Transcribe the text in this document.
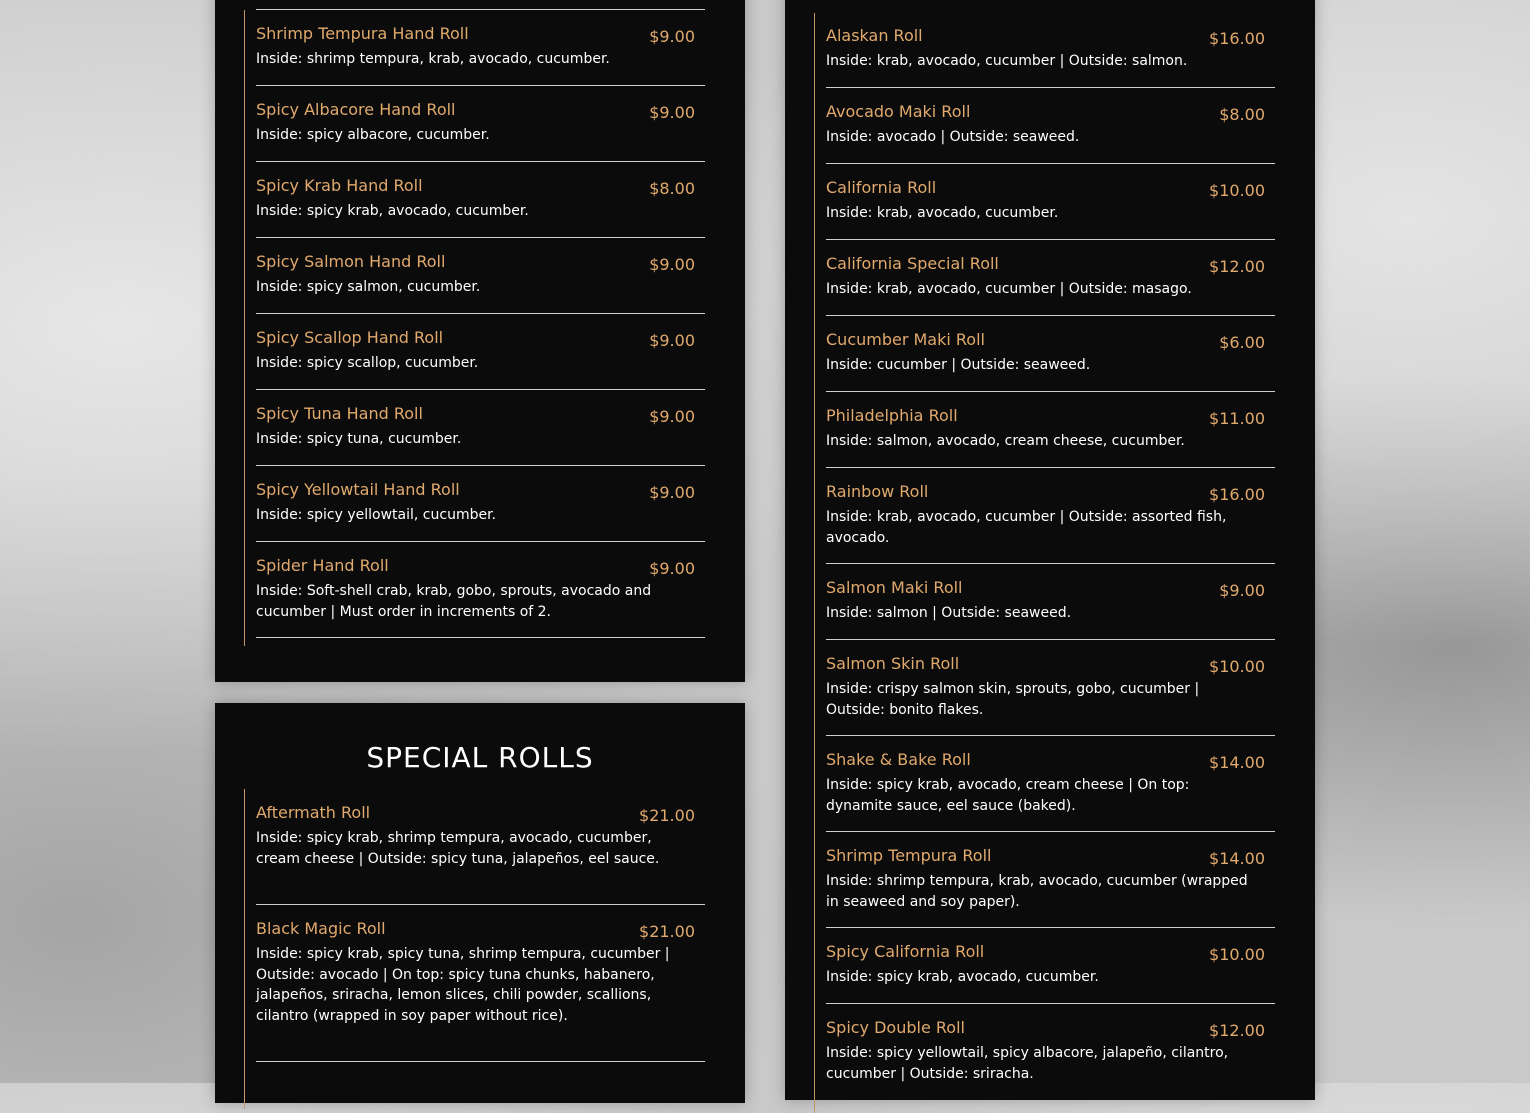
Shrimp Tempura Hand Roll	$9.00
Inside: shrimp tempura, krab, avocado, cucumber.
Spicy Albacore Hand Roll	$9.00
Inside: spicy albacore, cucumber.
Spicy Krab Hand Roll	$8.00
Inside: spicy krab, avocado, cucumber.
Spicy Salmon Hand Roll	$9.00
Inside: spicy salmon, cucumber.
Spicy Scallop Hand Roll	$9.00
Inside: spicy scallop, cucumber.
Spicy Tuna Hand Roll	$9.00
Inside: spicy tuna, cucumber.
Spicy Yellowtail Hand Roll	$9.00
Inside: spicy yellowtail, cucumber.
Spider Hand Roll	$9.00
Inside: Soft-shell crab, krab, gobo, sprouts, avocado and cucumber | Must order in increments of 2.
SPECIAL ROLLS
Aftermath Roll	$21.00
Inside: spicy krab, shrimp tempura, avocado, cucumber, cream cheese | Outside: spicy tuna, jalapeños, eel sauce.
Black Magic Roll	$21.00
Inside: spicy krab, spicy tuna, shrimp tempura, cucumber | Outside: avocado | On top: spicy tuna chunks, habanero, jalapeños, sriracha, lemon slices, chili powder, scallions, cilantro (wrapped in soy paper without rice).
Alaskan Roll	$16.00
Inside: krab, avocado, cucumber | Outside: salmon.
Avocado Maki Roll	$8.00
Inside: avocado | Outside: seaweed.
California Roll	$10.00
Inside: krab, avocado, cucumber.
California Special Roll	$12.00
Inside: krab, avocado, cucumber | Outside: masago.
Cucumber Maki Roll	$6.00
Inside: cucumber | Outside: seaweed.
Philadelphia Roll	$11.00
Inside: salmon, avocado, cream cheese, cucumber.
Rainbow Roll	$16.00
Inside: krab, avocado, cucumber | Outside: assorted fish, avocado.
Salmon Maki Roll	$9.00
Inside: salmon | Outside: seaweed.
Salmon Skin Roll	$10.00
Inside: crispy salmon skin, sprouts, gobo, cucumber | Outside: bonito flakes.
Shake & Bake Roll	$14.00
Inside: spicy krab, avocado, cream cheese | On top: dynamite sauce, eel sauce (baked).
Shrimp Tempura Roll	$14.00
Inside: shrimp tempura, krab, avocado, cucumber (wrapped in seaweed and soy paper).
Spicy California Roll	$10.00
Inside: spicy krab, avocado, cucumber.
Spicy Double Roll	$12.00
Inside: spicy yellowtail, spicy albacore, jalapeño, cilantro, cucumber | Outside: sriracha.
